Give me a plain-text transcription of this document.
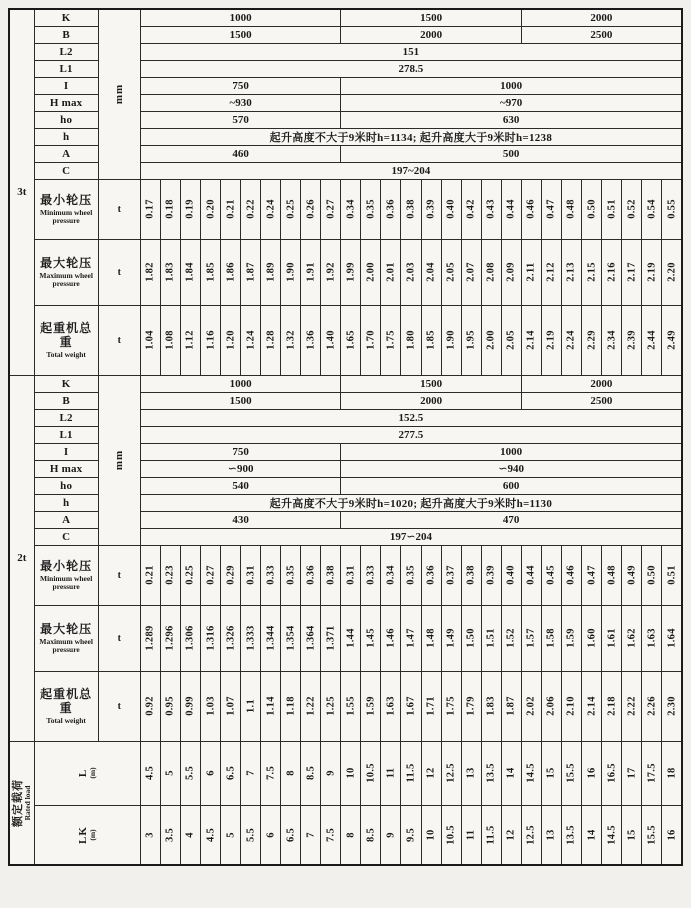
3t	K	mm	1000										1500									2000							
	B		1500										2000									2500							
	L2		151																										
	L1		278.5																										
	I		750										1000																
	H max		~930										~970																
	ho		570										630																
	h		起升高度不大于9米时h=1134; 起升高度大于9米时h=1238																										
	A		460										500																
	C		197~204																										

	最小轮压
Minimum wheel pressure	t	0.17	0.18	0.19	0.20	0.21	0.22	0.24	0.25	0.26	0.27	0.34	0.35	0.36	0.38	0.39	0.40	0.42	0.43	0.44	0.46	0.47	0.48	0.50	0.51	0.52	0.54	0.55

	最大轮压
Maximum wheel pressure	t	1.82	1.83	1.84	1.85	1.86	1.87	1.89	1.90	1.91	1.92	1.99	2.00	2.01	2.03	2.04	2.05	2.07	2.08	2.09	2.11	2.12	2.13	2.15	2.16	2.17	2.19	2.20

	起重机总重
Total weight	t	1.04	1.08	1.12	1.16	1.20	1.24	1.28	1.32	1.36	1.40	1.65	1.70	1.75	1.80	1.85	1.90	1.95	2.00	2.05	2.14	2.19	2.24	2.29	2.34	2.39	2.44	2.49

2t	K	mm	1000										1500									2000							
	B		1500										2000									2500							
	L2		152.5																										
	L1		277.5																										
	I		750										1000																
	H max		∽900										∽940																
	ho		540										600																
	h		起升高度不大于9米时h=1020; 起升高度大于9米时h=1130																										
	A		430										470																
	C		197∽204																										

	最小轮压
Minimum wheel pressure	t	0.21	0.23	0.25	0.27	0.29	0.31	0.33	0.35	0.36	0.38	0.31	0.33	0.34	0.35	0.36	0.37	0.38	0.39	0.40	0.44	0.45	0.46	0.47	0.48	0.49	0.50	0.51

	最大轮压
Maximum wheel pressure	t	1.289	1.296	1.306	1.316	1.326	1.333	1.344	1.354	1.364	1.371	1.44	1.45	1.46	1.47	1.48	1.49	1.50	1.51	1.52	1.57	1.58	1.59	1.60	1.61	1.62	1.63	1.64

	起重机总重
Total weight	t	0.92	0.95	0.99	1.03	1.07	1.1	1.14	1.18	1.22	1.25	1.55	1.59	1.63	1.67	1.71	1.75	1.79	1.83	1.87	2.02	2.06	2.10	2.14	2.18	2.22	2.26	2.30

额定载荷 Rated load

L (m)	4.5	5	5.5	6	6.5	7	7.5	8	8.5	9	10	10.5	11	11.5	12	12.5	13	13.5	14	14.5	15	15.5	16	16.5	17	17.5	18

	LK (m)		3	3.5	4	4.5	5	5.5	6	6.5	7	7.5	8	8.5	9	9.5	10	10.5	11	11.5	12	12.5	13	13.5	14	14.5	15	15.5	16
